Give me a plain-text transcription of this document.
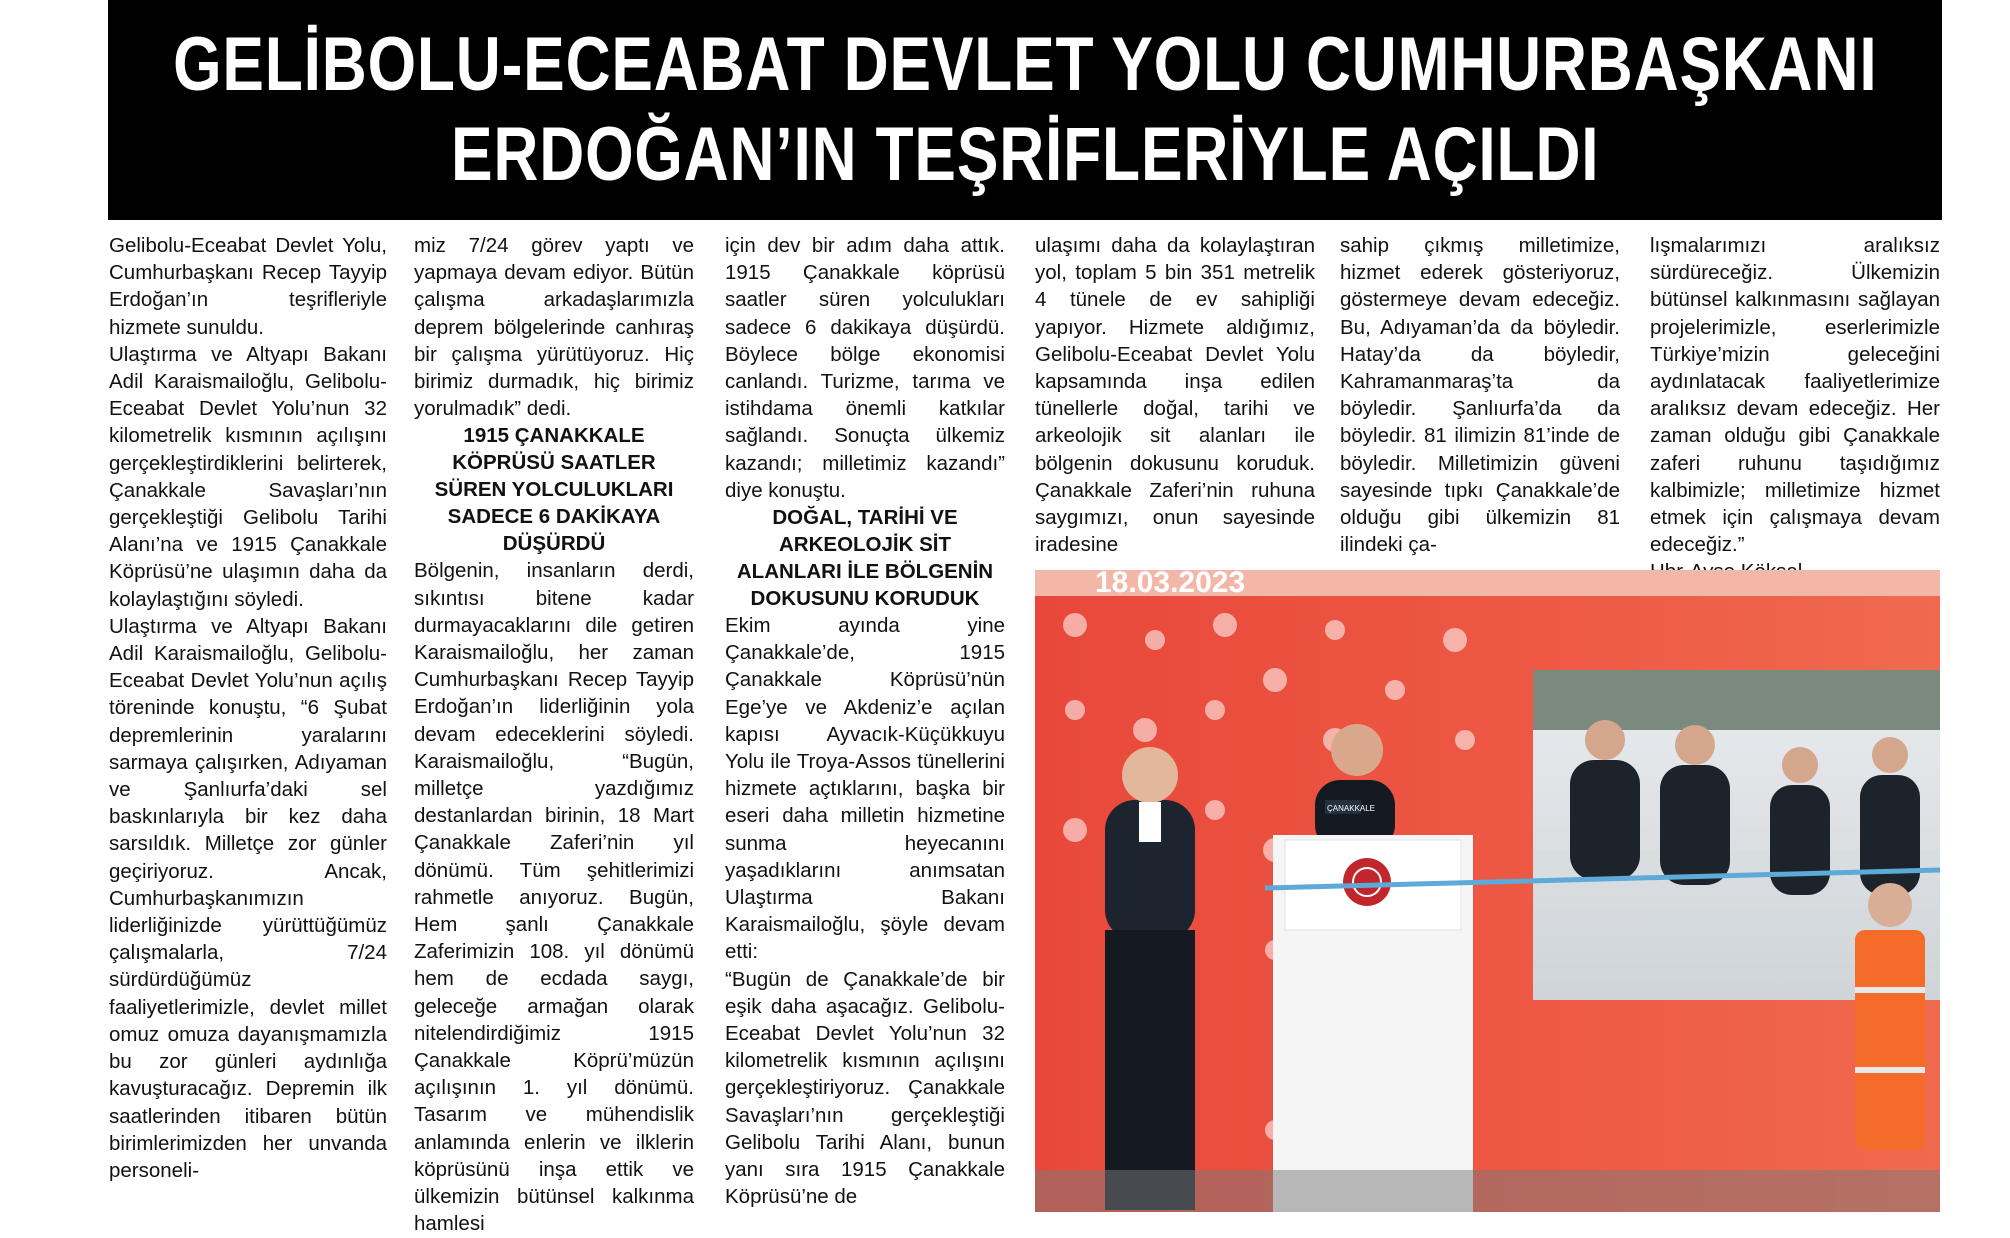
GELİBOLU-ECEABAT DEVLET YOLU CUMHURBAŞKANI
ERDOĞAN’IN TEŞRİFLERİYLE AÇILDI

Gelibolu-Eceabat Devlet Yolu, Cumhurbaşkanı Recep Tayyip Erdoğan’ın teşrifleriyle hizmete sunuldu.

Ulaştırma ve Altyapı Bakanı Adil Karaismailoğlu, Gelibolu-Eceabat Devlet Yolu’nun 32 kilometrelik kısmının açılışını gerçekleştirdiklerini belirterek, Çanakkale Savaşları’nın gerçekleştiği Gelibolu Tarihi Alanı’na ve 1915 Çanakkale Köprüsü’ne ulaşımın daha da kolaylaştığını söyledi.

Ulaştırma ve Altyapı Bakanı Adil Karaismailoğlu, Gelibolu-Eceabat Devlet Yolu’nun açılış töreninde konuştu, “6 Şubat depremlerinin yaralarını sarmaya çalışırken, Adıyaman ve Şanlıurfa’daki sel baskınlarıyla bir kez daha sarsıldık. Milletçe zor günler geçiriyoruz. Ancak, Cumhurbaşkanımızın liderliğinizde yürüttüğümüz çalışmalarla, 7/24 sürdürdüğümüz faaliyetlerimizle, devlet millet omuz omuza dayanışmamızla bu zor günleri aydınlığa kavuşturacağız. Depremin ilk saatlerinden itibaren bütün birimlerimizden her unvanda personeli-

miz 7/24 görev yaptı ve yapmaya devam ediyor. Bütün çalışma arkadaşlarımızla deprem bölgelerinde canhıraş bir çalışma yürütüyoruz. Hiç birimiz durmadık, hiç birimiz yorulmadık” dedi.

1915 ÇANAKKALE KÖPRÜSÜ SAATLER SÜREN YOLCULUKLARI SADECE 6 DAKİKAYA DÜŞÜRDÜ

Bölgenin, insanların derdi, sıkıntısı bitene kadar durmayacaklarını dile getiren Karaismailoğlu, her zaman Cumhurbaşkanı Recep Tayyip Erdoğan’ın liderliğinin yola devam edeceklerini söyledi. Karaismailoğlu, “Bugün, milletçe yazdığımız destanlardan birinin, 18 Mart Çanakkale Zaferi’nin yıl dönümü. Tüm şehitlerimizi rahmetle anıyoruz. Bugün, Hem şanlı Çanakkale Zaferimizin 108. yıl dönümü hem de ecdada saygı, geleceğe armağan olarak nitelendirdiğimiz 1915 Çanakkale Köprü’müzün açılışının 1. yıl dönümü. Tasarım ve mühendislik anlamında enlerin ve ilklerin köprüsünü inşa ettik ve ülkemizin bütünsel kalkınma hamlesi

için dev bir adım daha attık. 1915 Çanakkale köprüsü saatler süren yolculukları sadece 6 dakikaya düşürdü. Böylece bölge ekonomisi canlandı. Turizme, tarıma ve istihdama önemli katkılar sağlandı. Sonuçta ülkemiz kazandı; milletimiz kazandı” diye konuştu.

DOĞAL, TARİHİ VE ARKEOLOJİK SİT ALANLARI İLE BÖLGENİN DOKUSUNU KORUDUK

Ekim ayında yine Çanakkale’de, 1915 Çanakkale Köprüsü’nün Ege’ye ve Akdeniz’e açılan kapısı Ayvacık-Küçükkuyu Yolu ile Troya-Assos tünellerini hizmete açtıklarını, başka bir eseri daha milletin hizmetine sunma heyecanını yaşadıklarını anımsatan Ulaştırma Bakanı Karaismailoğlu, şöyle devam etti:

“Bugün de Çanakkale’de bir eşik daha aşacağız. Gelibolu-Eceabat Devlet Yolu’nun 32 kilometrelik kısmının açılışını gerçekleştiriyoruz. Çanakkale Savaşları’nın gerçekleştiği Gelibolu Tarihi Alanı, bunun yanı sıra 1915 Çanakkale Köprüsü’ne de

ulaşımı daha da kolaylaştıran yol, toplam 5 bin 351 metrelik 4 tünele de ev sahipliği yapıyor. Hizmete aldığımız, Gelibolu-Eceabat Devlet Yolu kapsamında inşa edilen tünellerle doğal, tarihi ve arkeolojik sit alanları ile bölgenin dokusunu koruduk. Çanakkale Zaferi’nin ruhuna saygımızı, onun sayesinde iradesine

sahip çıkmış milletimize, hizmet ederek gösteriyoruz, göstermeye devam edeceğiz. Bu, Adıyaman’da da böyledir. Hatay’da da böyledir, Kahramanmaraş’ta da böyledir. Şanlıurfa’da da böyledir. 81 ilimizin 81’inde de böyledir. Milletimizin güveni sayesinde tıpkı Çanakkale’de olduğu gibi ülkemizin 81 ilindeki ça-

lışmalarımızı aralıksız sürdüreceğiz. Ülkemizin bütünsel kalkınmasını sağlayan projelerimizle, eserlerimizle Türkiye’mizin geleceğini aydınlatacak faaliyetlerimize aralıksız devam edeceğiz. Her zaman olduğu gibi Çanakkale zaferi ruhunu taşıdığımız kalbimizle; milletimize hizmet etmek için çalışmaya devam edeceğiz.”

18.03.2023
ÇANAKKALE
